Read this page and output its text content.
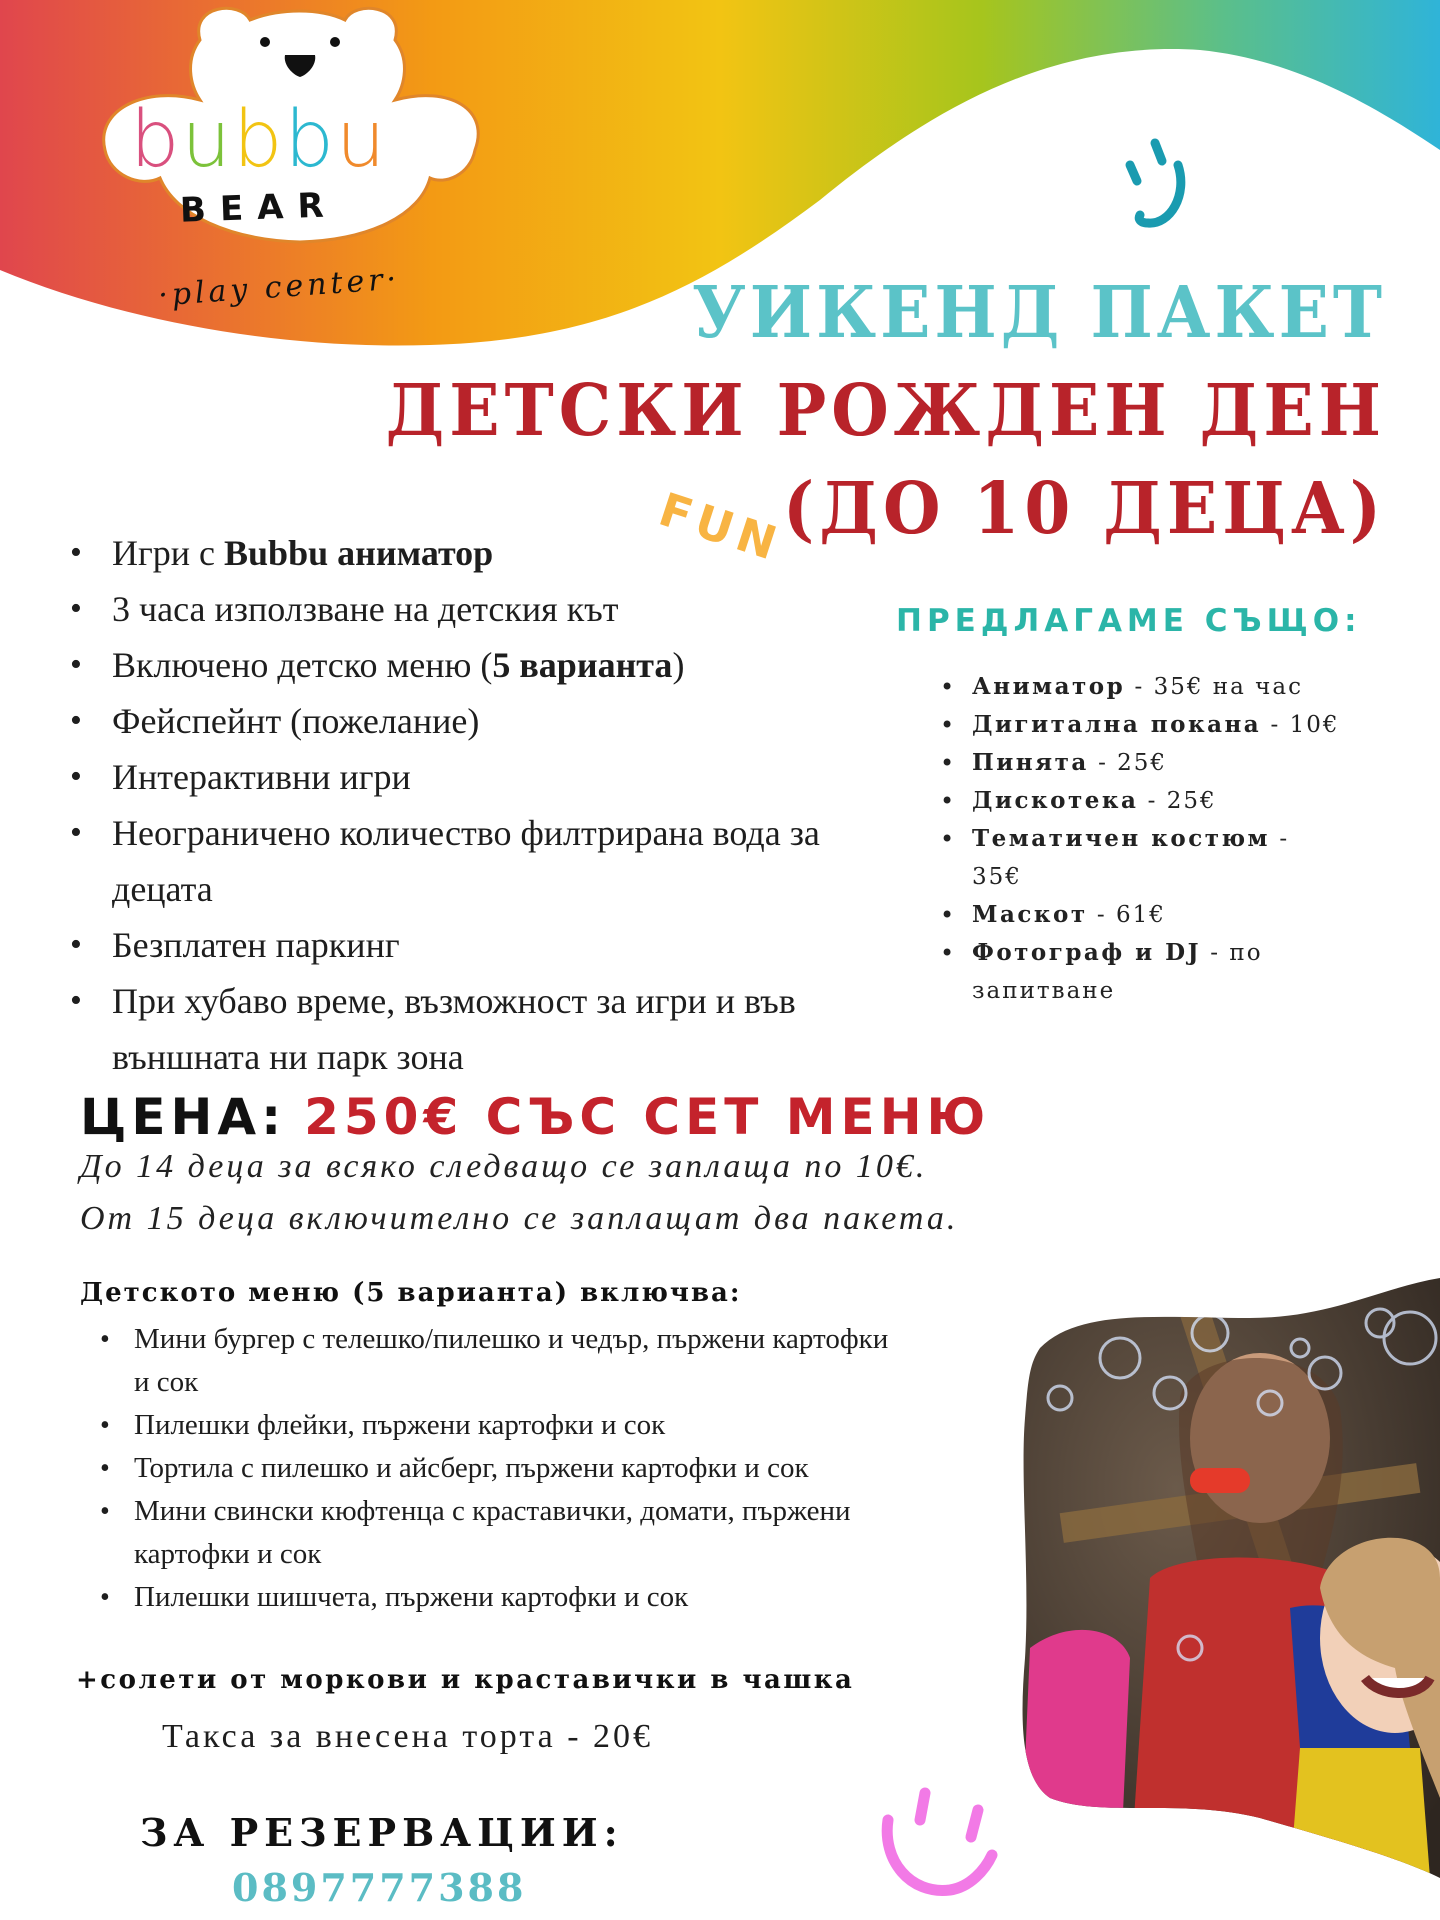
bubbu
BEAR
·play center·	УИКЕНД ПАКЕТ
ДЕТСКИ РОЖДЕН ДЕН
(ДО 10 ДЕЦА)
FUN
• Игри с Bubbu аниматор
• 3 часа използване на детския кът
• Включено детско меню (5 варианта)
• Фейспейнт (пожелание)
• Интерактивни игри
• Неограничено количество филтрирана вода за децата
• Безплатен паркинг
• При хубаво време, възможност за игри и във външната ни парк зона
ПРЕДЛАГАМЕ СЪЩО:
• Аниматор - 35€ на час
• Дигитална покана - 10€
• Пинята - 25€
• Дискотека - 25€
• Тематичен костюм - 35€
• Маскот - 61€
• Фотограф и DJ - по запитване
ЦЕНА: 250€ СЪС СЕТ МЕНЮ
До 14 деца за всяко следващо се заплаща по 10€.
От 15 деца включително се заплащат два пакета.
Детското меню (5 варианта) включва:
• Мини бургер с телешко/пилешко и чедър, пържени картофки и сок
• Пилешки флейки, пържени картофки и сок
• Тортила с пилешко и айсберг, пържени картофки и сок
• Мини свински кюфтенца с краставички, домати, пържени картофки и сок
• Пилешки шишчета, пържени картофки и сок
+солети от моркови и краставички в чашка
Такса за внесена торта - 20€
ЗА РЕЗЕРВАЦИИ:
0897777388
